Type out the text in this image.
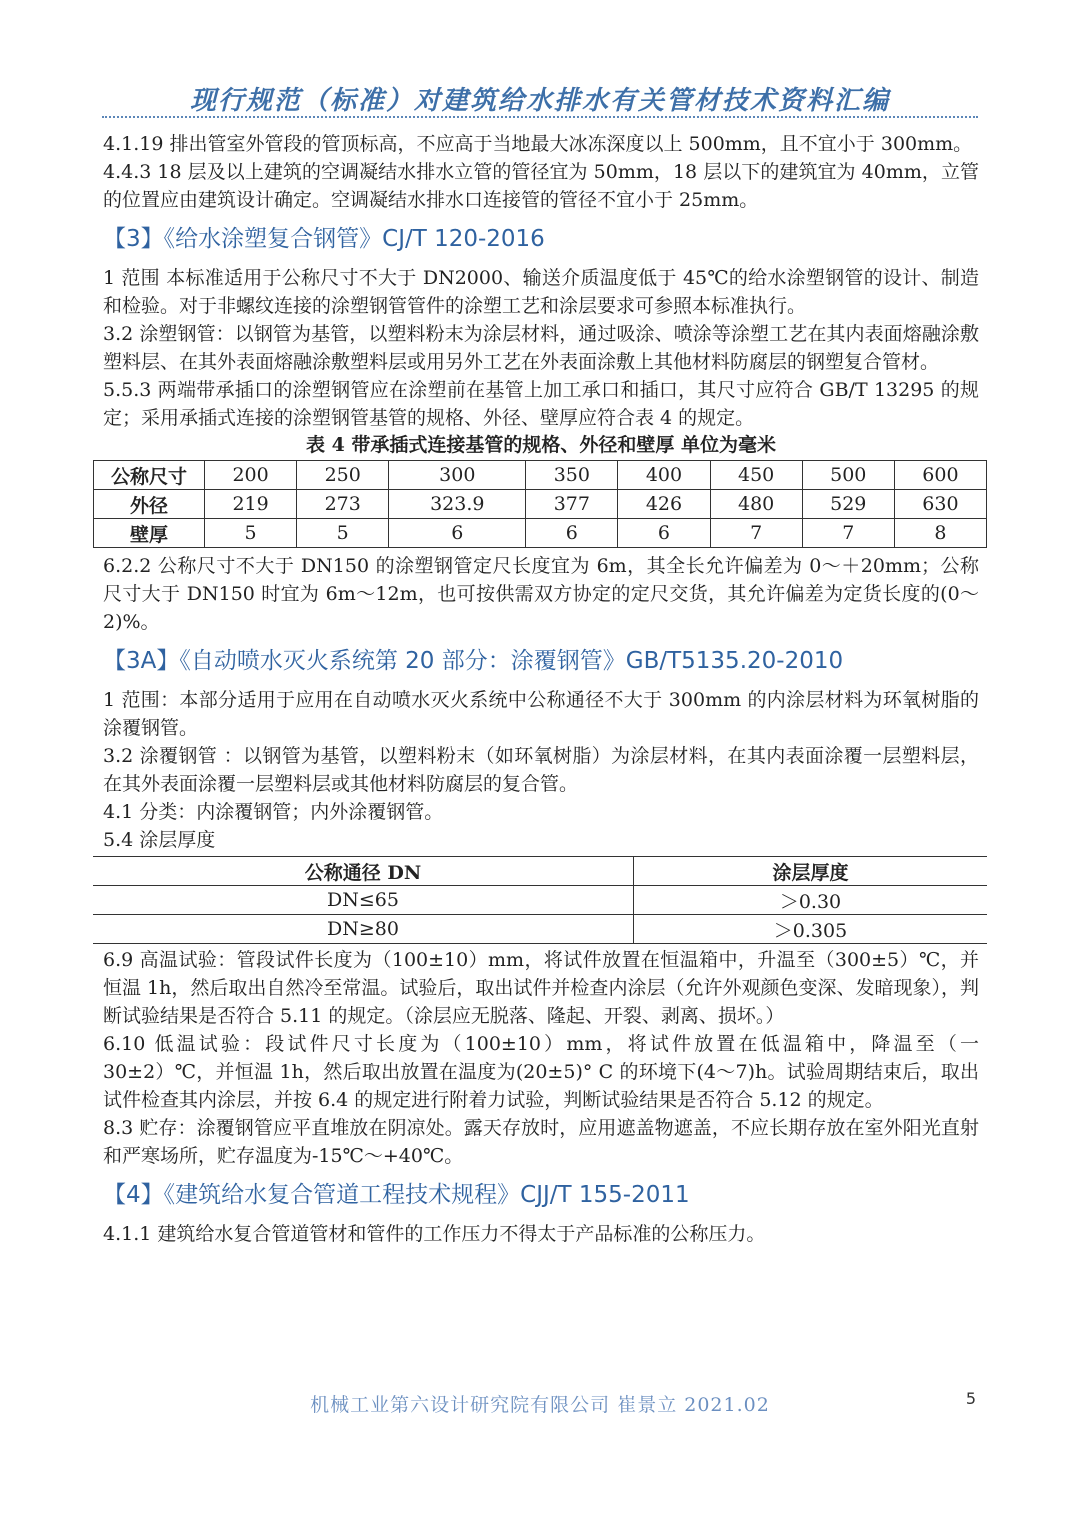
现行规范（标准）对建筑给水排水有关管材技术资料汇编

4.1.19 排出管室外管段的管顶标高，不应高于当地最大冰冻深度以上 500mm，且不宜小于 300mm。

4.4.3 18 层及以上建筑的空调凝结水排水立管的管径宜为 50mm，18 层以下的建筑宜为 40mm，立管的位置应由建筑设计确定。空调凝结水排水口连接管的管径不宜小于 25mm。

【3】《给水涂塑复合钢管》CJ/T 120-2016

1 范围 本标准适用于公称尺寸不大于 DN2000、输送介质温度低于 45℃的给水涂塑钢管的设计、制造和检验。对于非螺纹连接的涂塑钢管管件的涂塑工艺和涂层要求可参照本标准执行。

3.2 涂塑钢管：以钢管为基管，以塑料粉末为涂层材料，通过吸涂、喷涂等涂塑工艺在其内表面熔融涂敷塑料层、在其外表面熔融涂敷塑料层或用另外工艺在外表面涂敷上其他材料防腐层的钢塑复合管材。

5.5.3 两端带承插口的涂塑钢管应在涂塑前在基管上加工承口和插口，其尺寸应符合 GB/T 13295 的规定；采用承插式连接的涂塑钢管基管的规格、外径、壁厚应符合表 4 的规定。

表 4 带承插式连接基管的规格、外径和壁厚 单位为毫米

公称尺寸	200	250	300	350	400	450	500	600
外径	219	273	323.9	377	426	480	529	630
壁厚	5	5	6	6	6	7	7	8

6.2.2 公称尺寸不大于 DN150 的涂塑钢管定尺长度宜为 6m，其全长允许偏差为 0～＋20mm；公称尺寸大于 DN150 时宜为 6m～12m，也可按供需双方协定的定尺交货，其允许偏差为定货长度的(0～2)%。

【3A】《自动喷水灭火系统第 20 部分：涂覆钢管》GB/T5135.20-2010

1 范围：本部分适用于应用在自动喷水灭火系统中公称通径不大于 300mm 的内涂层材料为环氧树脂的涂覆钢管。

3.2 涂覆钢管 ：以钢管为基管，以塑料粉末（如环氧树脂）为涂层材料，在其内表面涂覆一层塑料层，在其外表面涂覆一层塑料层或其他材料防腐层的复合管。

4.1 分类：内涂覆钢管；内外涂覆钢管。

5.4 涂层厚度

公称通径 DN	涂层厚度
DN≤65	＞0.30
DN≥80	＞0.305

6.9 高温试验：管段试件长度为（100±10）mm，将试件放置在恒温箱中，升温至（300±5）℃，并恒温 1h，然后取出自然冷至常温。试验后，取出试件并检查内涂层（允许外观颜色变深、发暗现象），判断试验结果是否符合 5.11 的规定。（涂层应无脱落、隆起、开裂、剥离、损坏。）

6.10 低温试验：段试件尺寸长度为（100±10）mm，将试件放置在低温箱中，降温至（一 30±2）℃，并恒温 1h，然后取出放置在温度为(20±5)° C 的环境下(4～7)h。试验周期结束后，取出试件检查其内涂层，并按 6.4 的规定进行附着力试验，判断试验结果是否符合 5.12 的规定。

8.3 贮存：涂覆钢管应平直堆放在阴凉处。露天存放时，应用遮盖物遮盖，不应长期存放在室外阳光直射和严寒场所，贮存温度为-15℃～+40℃。

【4】《建筑给水复合管道工程技术规程》CJJ/T 155-2011

4.1.1 建筑给水复合管道管材和管件的工作压力不得太于产品标准的公称压力。

机械工业第六设计研究院有限公司 崔景立 2021.02	5
